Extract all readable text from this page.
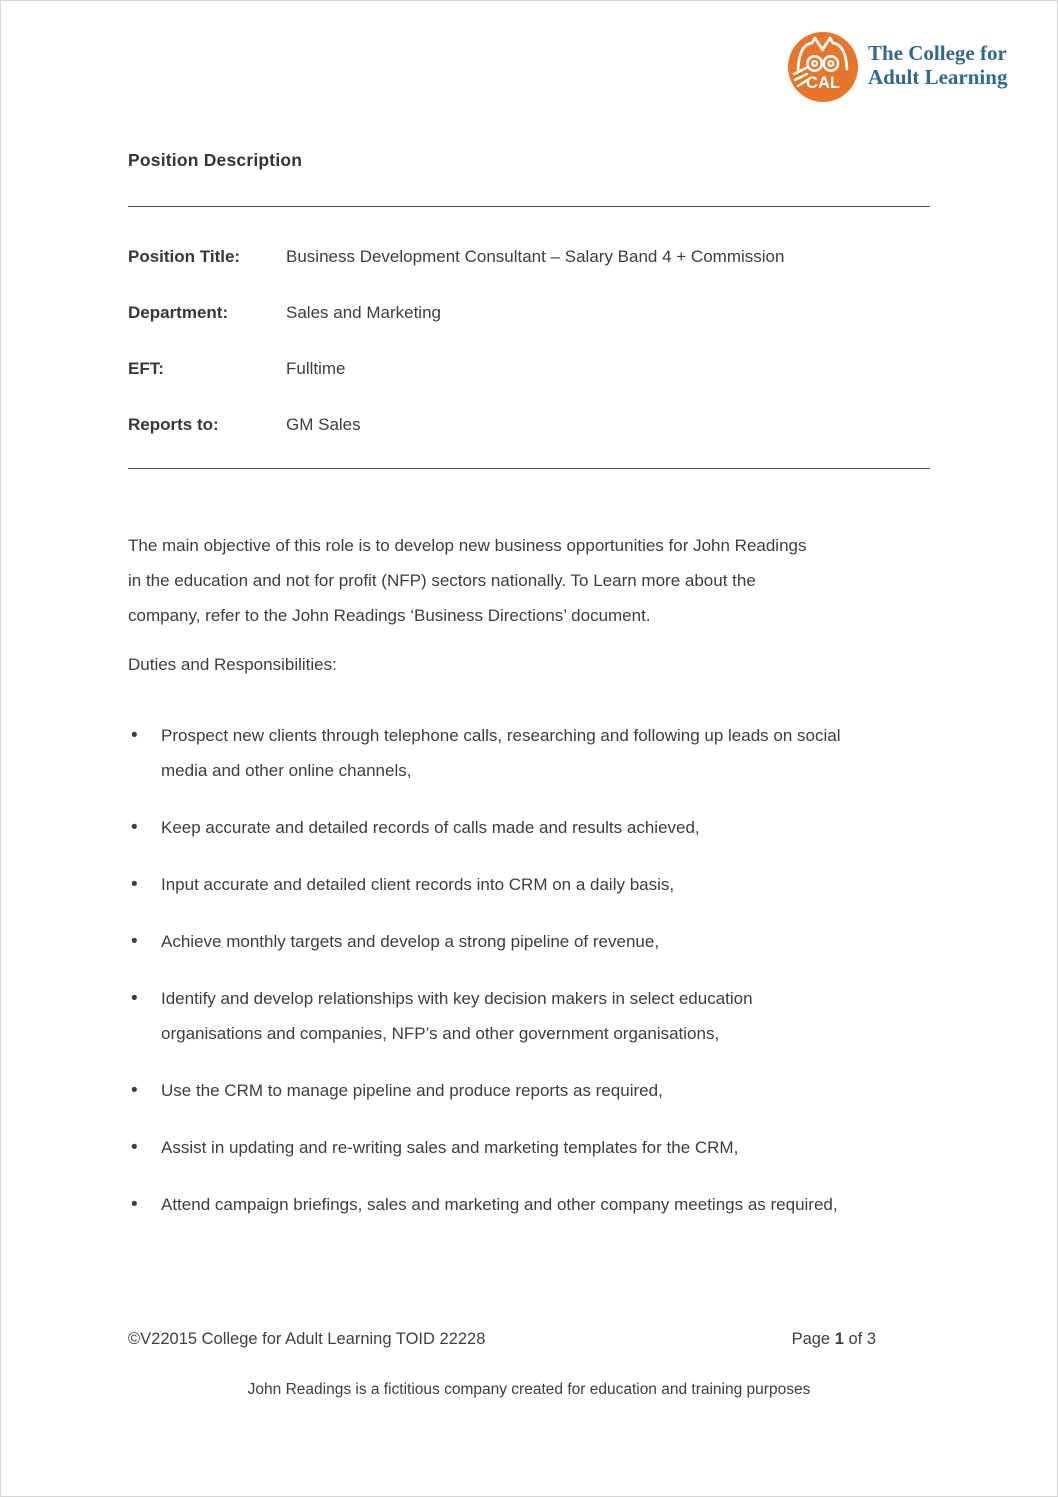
CAL
The College for
Adult Learning
Position Description
Position Title:	Business Development Consultant – Salary Band 4 + Commission
Department:	Sales and Marketing
EFT:	Fulltime
Reports to:	GM Sales
The main objective of this role is to develop new business opportunities for John Readings
in the education and not for profit (NFP) sectors nationally. To Learn more about the
company, refer to the John Readings ‘Business Directions’ document.
Duties and Responsibilities:
• Prospect new clients through telephone calls, researching and following up leads on social media and other online channels,
• Keep accurate and detailed records of calls made and results achieved,
• Input accurate and detailed client records into CRM on a daily basis,
• Achieve monthly targets and develop a strong pipeline of revenue,
• Identify and develop relationships with key decision makers in select education organisations and companies, NFP’s and other government organisations,
• Use the CRM to manage pipeline and produce reports as required,
• Assist in updating and re-writing sales and marketing templates for the CRM,
• Attend campaign briefings, sales and marketing and other company meetings as required,
©V22015 College for Adult Learning TOID 22228	Page 1 of 3
John Readings is a fictitious company created for education and training purposes
